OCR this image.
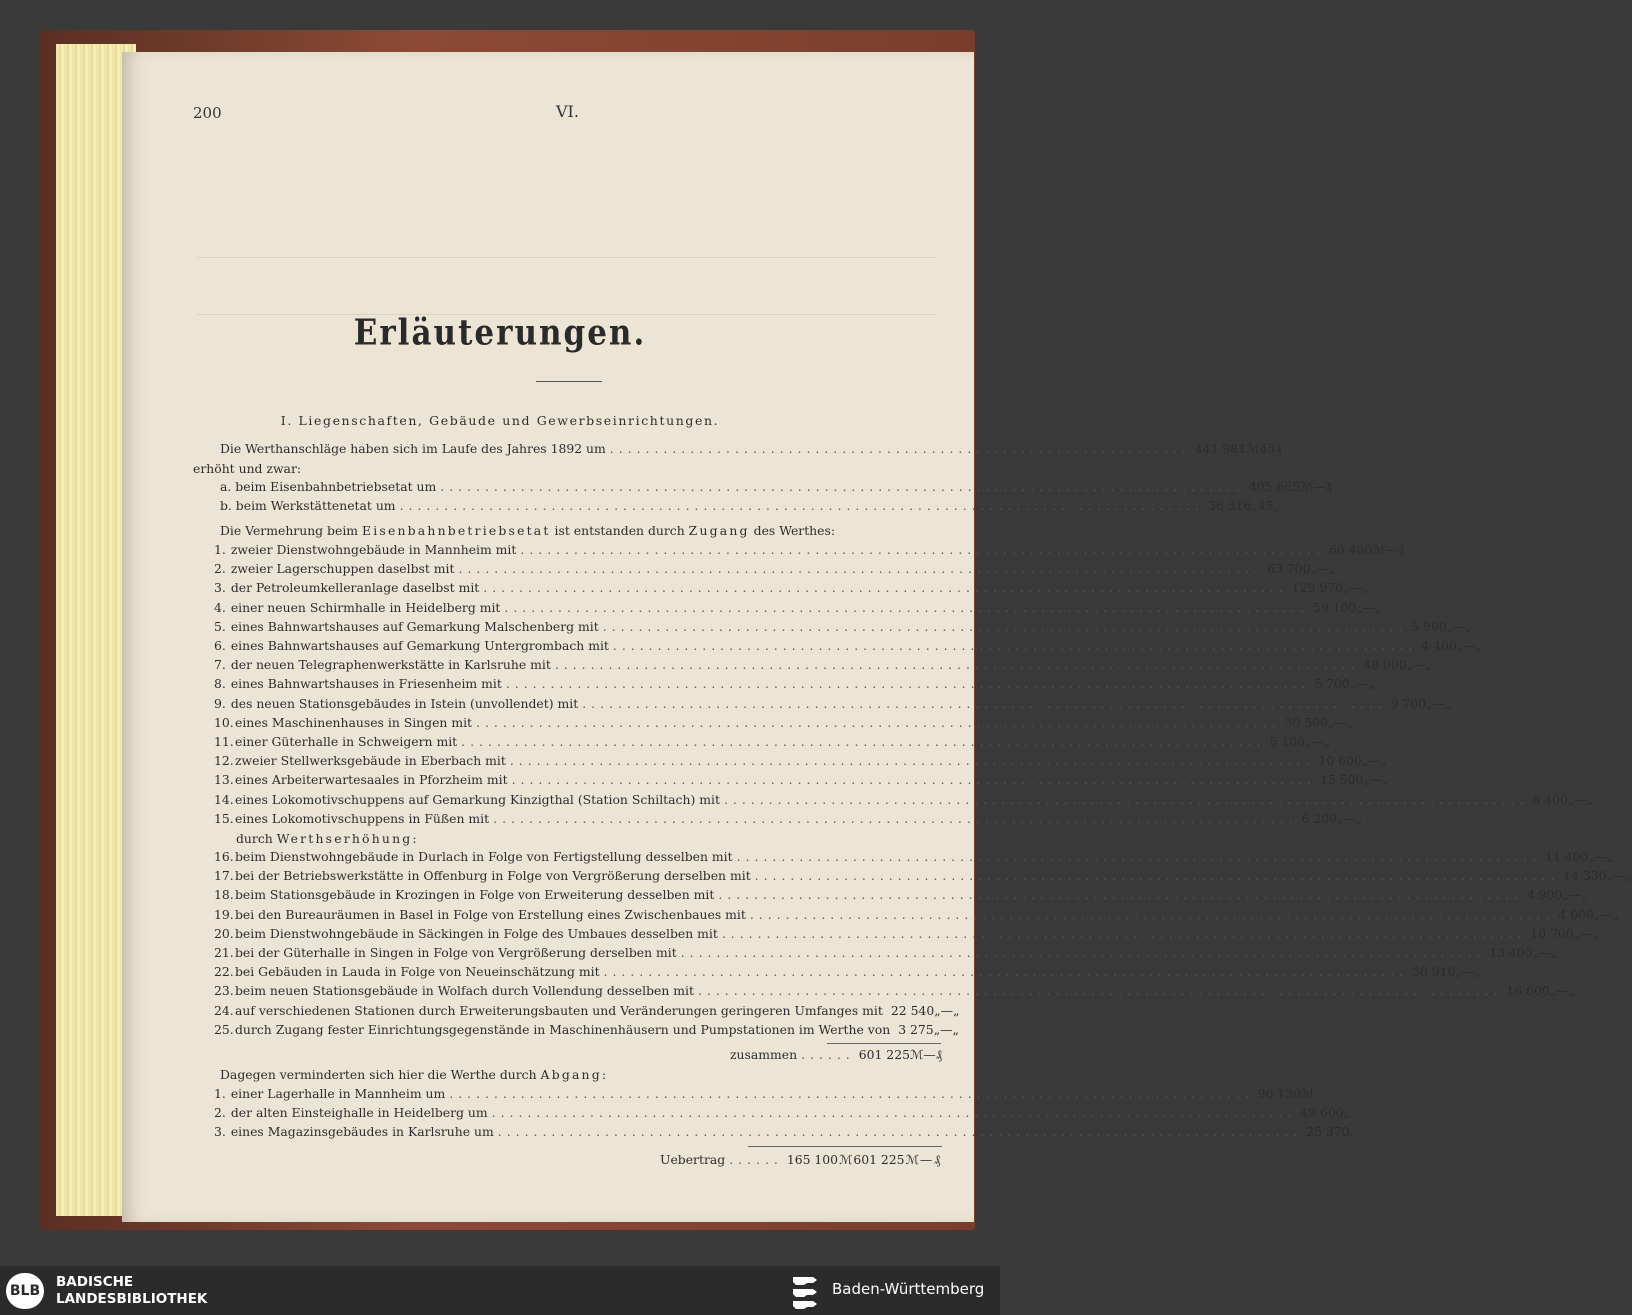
200	VI.
Erläuterungen.
I. Liegenschaften, Gebäude und Gewerbseinrichtungen.
Die Werthanschläge haben sich im Laufe des Jahres 1892 um ................................................................. 441 981 ℳ 45 ₰
erhöht und zwar:
a. beim Eisenbahnbetriebsetat um .......................................................................................... 405 665 ℳ — ₰
b. beim Werkstättenetat um .......................................................................................... 36 316 „ 45 „
Die Vermehrung beim Eisenbahnbetriebsetat ist entstanden durch Zugang des Werthes:
1. zweier Dienstwohngebäude in Mannheim mit .......................................................................................... 60 400 ℳ — ₰
2. zweier Lagerschuppen daselbst mit .......................................................................................... 63 700 „ — „
3. der Petroleumkelleranlage daselbst mit .......................................................................................... 129 970 „ — „
4. einer neuen Schirmhalle in Heidelberg mit .......................................................................................... 59 100 „ — „
5. eines Bahnwartshauses auf Gemarkung Malschenberg mit .......................................................................................... 5 900 „ — „
6. eines Bahnwartshauses auf Gemarkung Untergrombach mit .......................................................................................... 4 400 „ — „
7. der neuen Telegraphenwerkstätte in Karlsruhe mit .......................................................................................... 48 000 „ — „
8. eines Bahnwartshauses in Friesenheim mit .......................................................................................... 5 700 „ — „
9. des neuen Stationsgebäudes in Istein (unvollendet) mit .......................................................................................... 9 700 „ — „
10. eines Maschinenhauses in Singen mit .......................................................................................... 30 500 „ — „
11. einer Güterhalle in Schweigern mit .......................................................................................... 5 100 „ — „
12. zweier Stellwerksgebäude in Eberbach mit .......................................................................................... 10 600 „ — „
13. eines Arbeiterwartesaales in Pforzheim mit .......................................................................................... 15 500 „ — „
14. eines Lokomotivschuppens auf Gemarkung Kinzigthal (Station Schiltach) mit .......................................................................................... 8 400 „ — „
15. eines Lokomotivschuppens in Füßen mit .......................................................................................... 6 200 „ — „
durch Werthserhöhung:
16. beim Dienstwohngebäude in Durlach in Folge von Fertigstellung desselben mit .......................................................................................... 11 400 „ — „
17. bei der Betriebswerkstätte in Offenburg in Folge von Vergrößerung derselben mit .......................................................................................... 14 330 „ — „
18. beim Stationsgebäude in Krozingen in Folge von Erweiterung desselben mit .......................................................................................... 4 900 „ — „
19. bei den Bureauräumen in Basel in Folge von Erstellung eines Zwischenbaues mit .......................................................................................... 4 000 „ — „
20. beim Dienstwohngebäude in Säckingen in Folge des Umbaues desselben mit .......................................................................................... 10 700 „ — „
21. bei der Güterhalle in Singen in Folge von Vergrößerung derselben mit .......................................................................................... 13 400 „ — „
22. bei Gebäuden in Lauda in Folge von Neueinschätzung mit .......................................................................................... 36 910 „ — „
23. beim neuen Stationsgebäude in Wolfach durch Vollendung desselben mit .......................................................................................... 16 600 „ — „
24. auf verschiedenen Stationen durch Erweiterungsbauten und Veränderungen geringeren Umfanges mit 22 540 „ — „
25. durch Zugang fester Einrichtungsgegenstände in Maschinenhäusern und Pumpstationen im Werthe von 3 275 „ — „
zusammen ...... 601 225 ℳ — ₰
Dagegen verminderten sich hier die Werthe durch Abgang:
1. einer Lagerhalle in Mannheim um .......................................................................................... 90 130 ℳ
2. der alten Einsteighalle in Heidelberg um .......................................................................................... 49 600 „
3. eines Magazinsgebäudes in Karlsruhe um .......................................................................................... 25 370 „
Uebertrag ...... 165 100 ℳ 601 225 ℳ — ₰
BLB
BADISCHE
LANDESBIBLIOTHEK
Baden-Württemberg
